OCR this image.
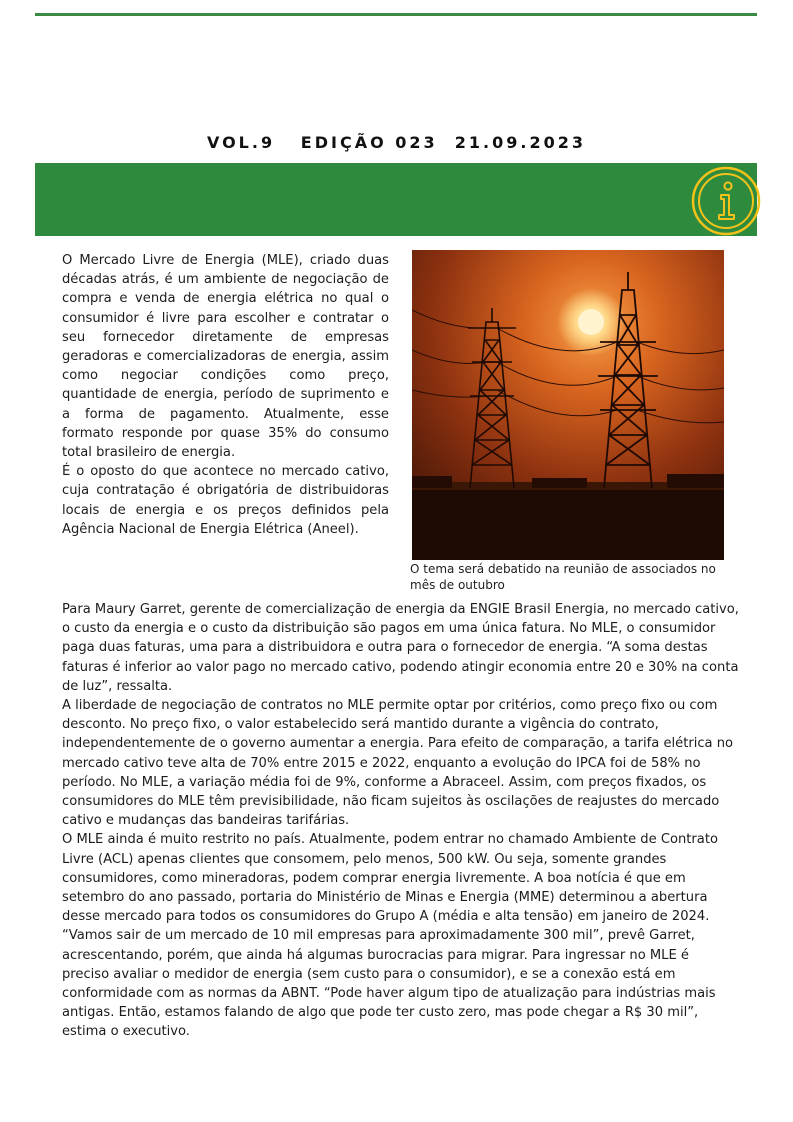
VOL.9   EDIÇÃO 023  21.09.2023

O Mercado Livre de Energia (MLE), criado duas décadas atrás, é um ambiente de negociação de compra e venda de energia elétrica no qual o consumidor é livre para escolher e contratar o seu fornecedor diretamente de empresas geradoras e comercializadoras de energia, assim como negociar condições como preço, quantidade de energia, período de suprimento e a forma de pagamento. Atualmente, esse formato responde por quase 35% do consumo total brasileiro de energia.

É o oposto do que acontece no mercado cativo, cuja contratação é obrigatória de distribuidoras locais de energia e os preços definidos pela Agência Nacional de Energia Elétrica (Aneel).

O tema será debatido na reunião de associados no mês de outubro

Para Maury Garret, gerente de comercialização de energia da ENGIE Brasil Energia, no mercado cativo, o custo da energia e o custo da distribuição são pagos em uma única fatura. No MLE, o consumidor paga duas faturas, uma para a distribuidora e outra para o fornecedor de energia. “A soma destas faturas é inferior ao valor pago no mercado cativo, podendo atingir economia entre 20 e 30% na conta de luz”, ressalta.

A liberdade de negociação de contratos no MLE permite optar por critérios, como preço fixo ou com desconto. No preço fixo, o valor estabelecido será mantido durante a vigência do contrato, independentemente de o governo aumentar a energia. Para efeito de comparação, a tarifa elétrica no mercado cativo teve alta de 70% entre 2015 e 2022, enquanto a evolução do IPCA foi de 58% no período. No MLE, a variação média foi de 9%, conforme a Abraceel. Assim, com preços fixados, os consumidores do MLE têm previsibilidade, não ficam sujeitos às oscilações de reajustes do mercado cativo e mudanças das bandeiras tarifárias.

O MLE ainda é muito restrito no país. Atualmente, podem entrar no chamado Ambiente de Contrato Livre (ACL) apenas clientes que consomem, pelo menos, 500 kW. Ou seja, somente grandes consumidores, como mineradoras, podem comprar energia livremente. A boa notícia é que em setembro do ano passado, portaria do Ministério de Minas e Energia (MME) determinou a abertura desse mercado para todos os consumidores do Grupo A (média e alta tensão) em janeiro de 2024.

“Vamos sair de um mercado de 10 mil empresas para aproximadamente 300 mil”, prevê Garret, acrescentando, porém, que ainda há algumas burocracias para migrar. Para ingressar no MLE é preciso avaliar o medidor de energia (sem custo para o consumidor), e se a conexão está em conformidade com as normas da ABNT. “Pode haver algum tipo de atualização para indústrias mais antigas. Então, estamos falando de algo que pode ter custo zero, mas pode chegar a R$ 30 mil”, estima o executivo.
